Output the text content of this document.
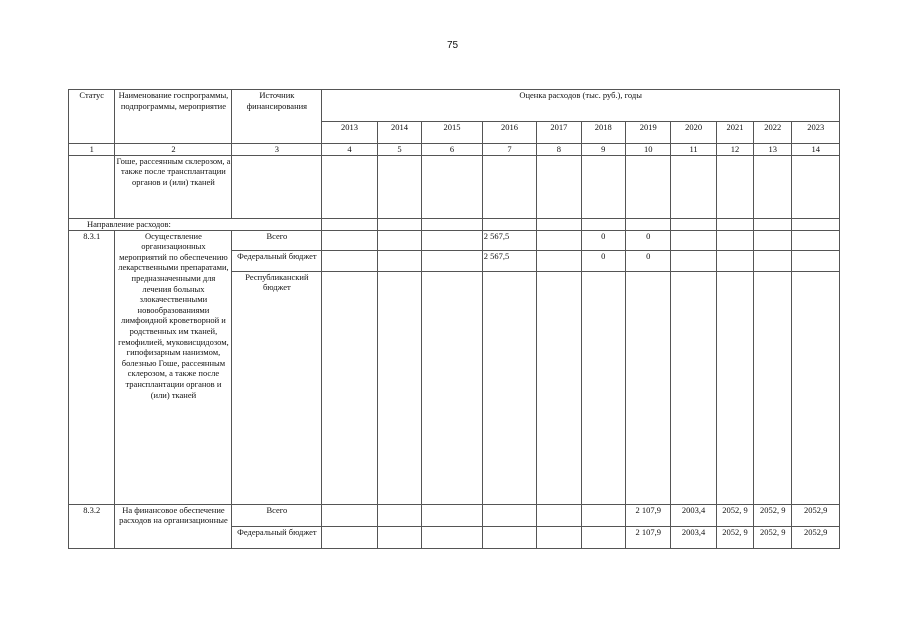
75
Статус	Наименование госпрограммы, подпрограммы, мероприятие	Источник финансирования	Оценка расходов (тыс. руб.), годы										
			2013	2014	2015	2016	2017	2018	2019	2020	2021	2022	2023
1	2	3	4	5	6	7	8	9	10	11	12	13	14
	Гоше, рассеянным склерозом, а также после трансплантации органов и (или) тканей												
Направление расходов:													
8.3.1	Осуществление организационных мероприятий по обеспечению лекарственными препаратами, предназначенными для лечения больных злокачественными новообразованиями лимфоидной кроветворной и родственных им тканей, гемофилией, муковисцидозом, гипофизарным нанизмом, болезнью Гоше, рассеянным склерозом, а также после трансплантации органов и (или) тканей	Всего				2 567,5		0	0				
		Федеральный бюджет				2 567,5		0	0				
		Республиканский бюджет											
8.3.2	На финансовое обеспечение расходов на организационные	Всего							2 107,9	2003,4	2052, 9	2052, 9	2052,9
		Федеральный бюджет							2 107,9	2003,4	2052, 9	2052, 9	2052,9
